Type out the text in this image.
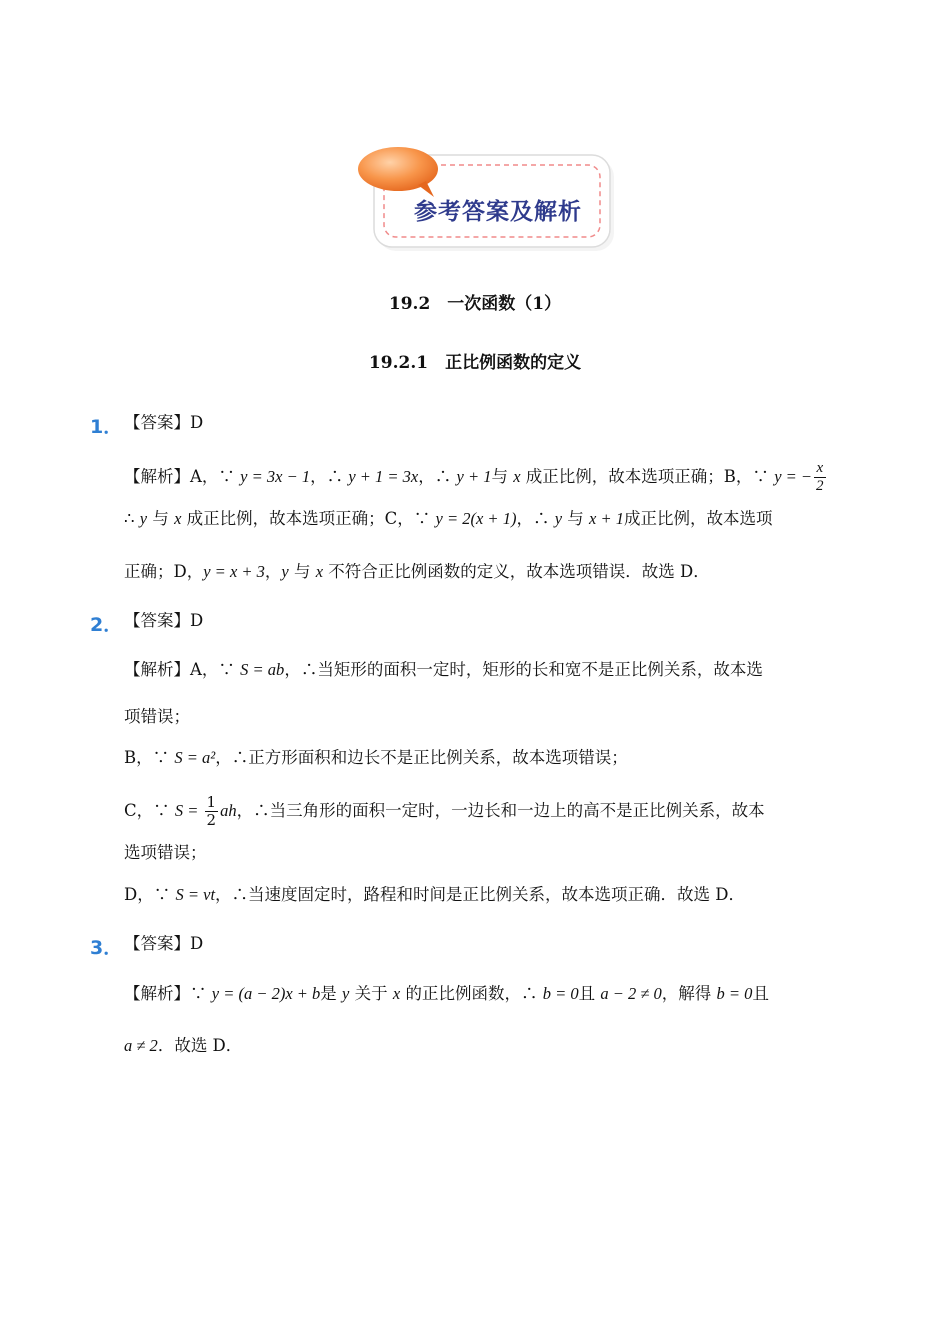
参考答案及解析
19.2　一次函数（1）
19.2.1　正比例函数的定义
1． 【答案】D
【解析】A，∵ y = 3x − 1，∴ y + 1 = 3x，∴ y + 1与 x 成正比例，故本选项正确；B，∵ y = − $\frac{x}{2}$
∴ y 与 x 成正比例，故本选项正确；C，∵ y = 2(x + 1)，∴ y 与 x + 1成正比例，故本选项
正确；D，y = x + 3，y 与 x 不符合正比例函数的定义，故本选项错误．故选 D．
2． 【答案】D
【解析】A，∵ S = ab，∴当矩形的面积一定时，矩形的长和宽不是正比例关系，故本选
项错误；
B，∵ S = a²，∴正方形面积和边长不是正比例关系，故本选项错误；
C，∵ $S = \frac{1}{2}$ ah，∴当三角形的面积一定时，一边长和一边上的高不是正比例关系，故本
选项错误；
D，∵ S = vt，∴当速度固定时，路程和时间是正比例关系，故本选项正确．故选 D．
3． 【答案】D
【解析】∵ y = (a − 2)x + b是 y 关于 x 的正比例函数，∴ b = 0且 a − 2 ≠ 0，解得 b = 0且
a ≠ 2．故选 D．
